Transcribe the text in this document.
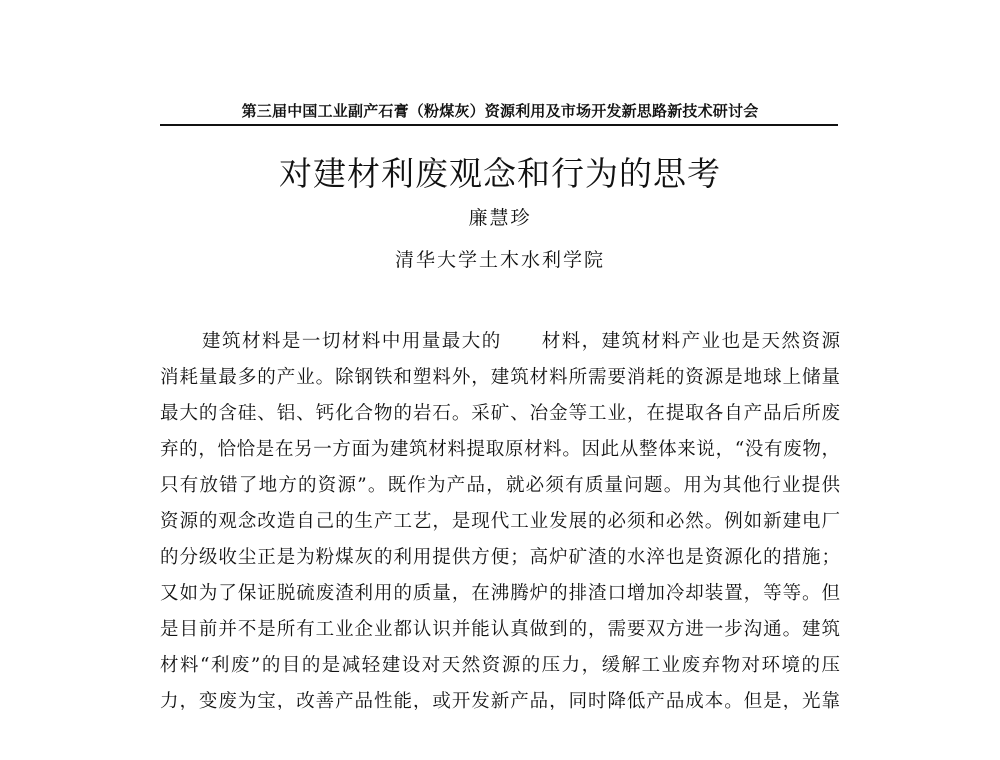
第三届中国工业副产石膏（粉煤灰）资源利用及市场开发新思路新技术研讨会
对建材利废观念和行为的思考
廉慧珍
清华大学土木水利学院
建筑材料是一切材料中用量最大的　　材料，建筑材料产业也是天然资源
消耗量最多的产业。除钢铁和塑料外，建筑材料所需要消耗的资源是地球上储量
最大的含硅、铝、钙化合物的岩石。采矿、冶金等工业，在提取各自产品后所废
弃的，恰恰是在另一方面为建筑材料提取原材料。因此从整体来说，“没有废物，
只有放错了地方的资源”。既作为产品，就必须有质量问题。用为其他行业提供
资源的观念改造自己的生产工艺，是现代工业发展的必须和必然。例如新建电厂
的分级收尘正是为粉煤灰的利用提供方便；高炉矿渣的水淬也是资源化的措施；
又如为了保证脱硫废渣利用的质量，在沸腾炉的排渣口增加冷却装置，等等。但
是目前并不是所有工业企业都认识并能认真做到的，需要双方进一步沟通。建筑
材料“利废”的目的是减轻建设对天然资源的压力，缓解工业废弃物对环境的压
力，变废为宝，改善产品性能，或开发新产品，同时降低产品成本。但是，光靠
